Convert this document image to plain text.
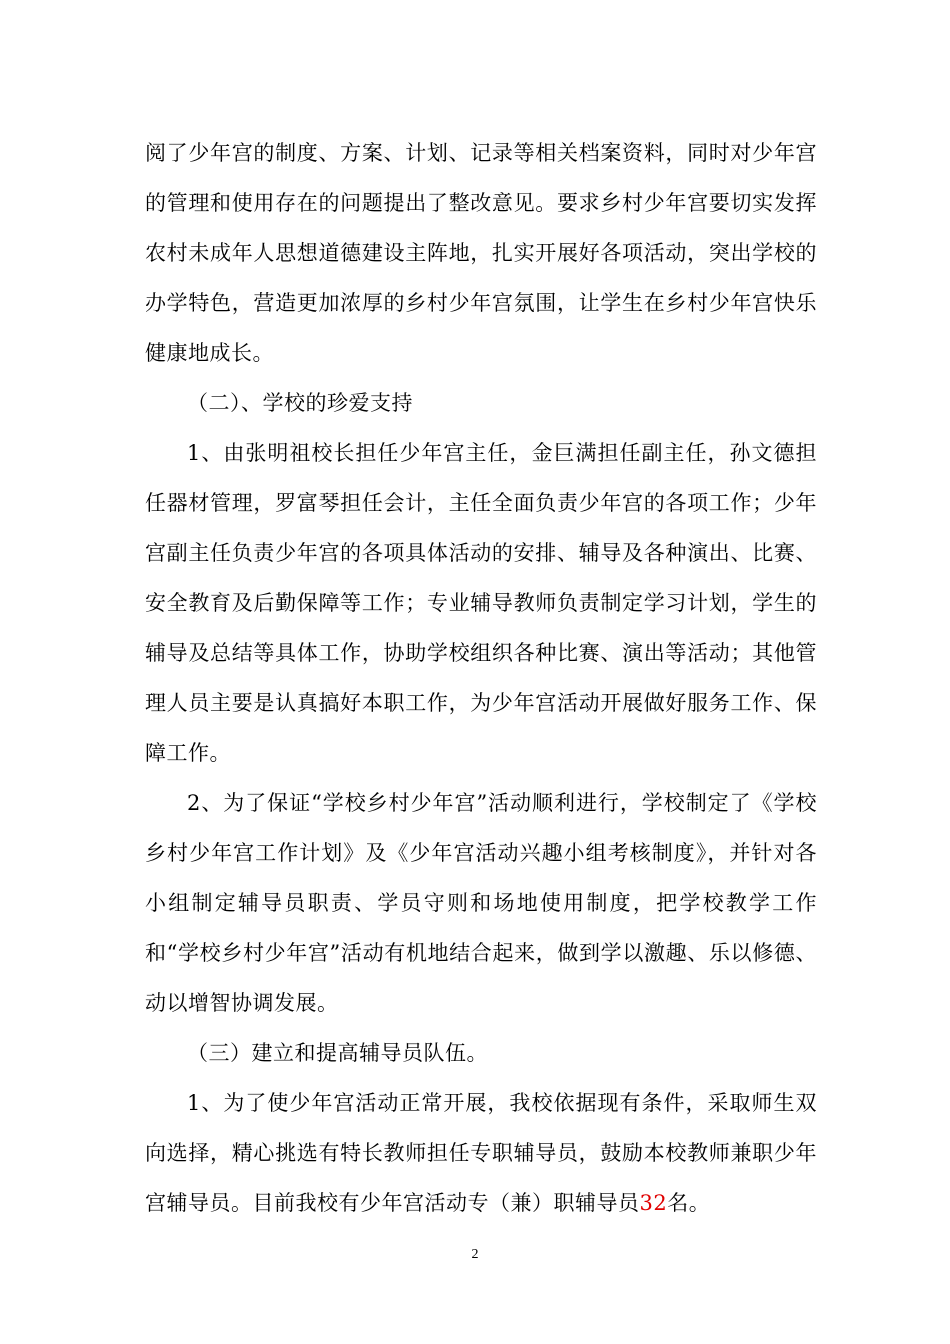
阅了少年宫的制度、方案、计划、记录等相关档案资料，同时对少年宫的管理和使用存在的问题提出了整改意见。要求乡村少年宫要切实发挥农村未成年人思想道德建设主阵地，扎实开展好各项活动，突出学校的办学特色，营造更加浓厚的乡村少年宫氛围，让学生在乡村少年宫快乐健康地成长。

（二）、学校的珍爱支持

1、由张明祖校长担任少年宫主任，金巨满担任副主任，孙文德担任器材管理，罗富琴担任会计，主任全面负责少年宫的各项工作；少年宫副主任负责少年宫的各项具体活动的安排、辅导及各种演出、比赛、安全教育及后勤保障等工作；专业辅导教师负责制定学习计划，学生的辅导及总结等具体工作，协助学校组织各种比赛、演出等活动；其他管理人员主要是认真搞好本职工作，为少年宫活动开展做好服务工作、保障工作。

2、为了保证“学校乡村少年宫”活动顺利进行，学校制定了《学校乡村少年宫工作计划》及《少年宫活动兴趣小组考核制度》，并针对各小组制定辅导员职责、学员守则和场地使用制度，把学校教学工作和“学校乡村少年宫”活动有机地结合起来，做到学以激趣、乐以修德、动以增智协调发展。

（三）建立和提高辅导员队伍。

1、为了使少年宫活动正常开展，我校依据现有条件，采取师生双向选择，精心挑选有特长教师担任专职辅导员，鼓励本校教师兼职少年宫辅导员。目前我校有少年宫活动专（兼）职辅导员32名。

2
